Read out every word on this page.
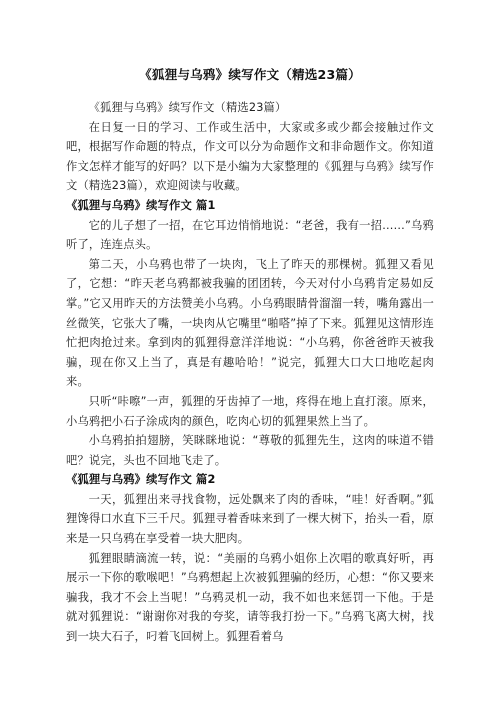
《狐狸与乌鸦》续写作文（精选23篇）

《狐狸与乌鸦》续写作文（精选23篇）

在日复一日的学习、工作或生活中，大家或多或少都会接触过作文吧，根据写作命题的特点，作文可以分为命题作文和非命题作文。你知道作文怎样才能写的好吗？以下是小编为大家整理的《狐狸与乌鸦》续写作文（精选23篇），欢迎阅读与收藏。

《狐狸与乌鸦》续写作文 篇1

它的儿子想了一招，在它耳边悄悄地说：“老爸，我有一招……”乌鸦听了，连连点头。

第二天，小乌鸦也带了一块肉，飞上了昨天的那棵树。狐狸又看见了，它想：“昨天老乌鸦都被我骗的团团转，今天对付小乌鸦肯定易如反掌。”它又用昨天的方法赞美小乌鸦。小乌鸦眼睛骨溜溜一转，嘴角露出一丝微笑，它张大了嘴，一块肉从它嘴里“啪嗒”掉了下来。狐狸见这情形连忙把肉抢过来。拿到肉的狐狸得意洋洋地说：“小乌鸦，你爸爸昨天被我骗，现在你又上当了，真是有趣哈哈！”说完，狐狸大口大口地吃起肉来。

只听“咔嚓”一声，狐狸的牙齿掉了一地，疼得在地上直打滚。原来，小乌鸦把小石子涂成肉的颜色，吃肉心切的狐狸果然上当了。

小乌鸦拍拍翅膀，笑眯眯地说：“尊敬的狐狸先生，这肉的味道不错吧？说完，头也不回地飞走了。

《狐狸与乌鸦》续写作文 篇2

一天，狐狸出来寻找食物，远处飘来了肉的香味，“哇！好香啊。”狐狸馋得口水直下三千尺。狐狸寻着香味来到了一棵大树下，抬头一看，原来是一只乌鸦在享受着一块大肥肉。

狐狸眼睛滴流一转，说：“美丽的乌鸦小姐你上次唱的歌真好听，再展示一下你的歌喉吧！”乌鸦想起上次被狐狸骗的经历，心想：“你又要来骗我，我才不会上当呢！”乌鸦灵机一动，我不如也来惩罚一下他。于是就对狐狸说：“谢谢你对我的夸奖，请等我打扮一下。”乌鸦飞离大树，找到一块大石子，叼着飞回树上。狐狸看着乌
